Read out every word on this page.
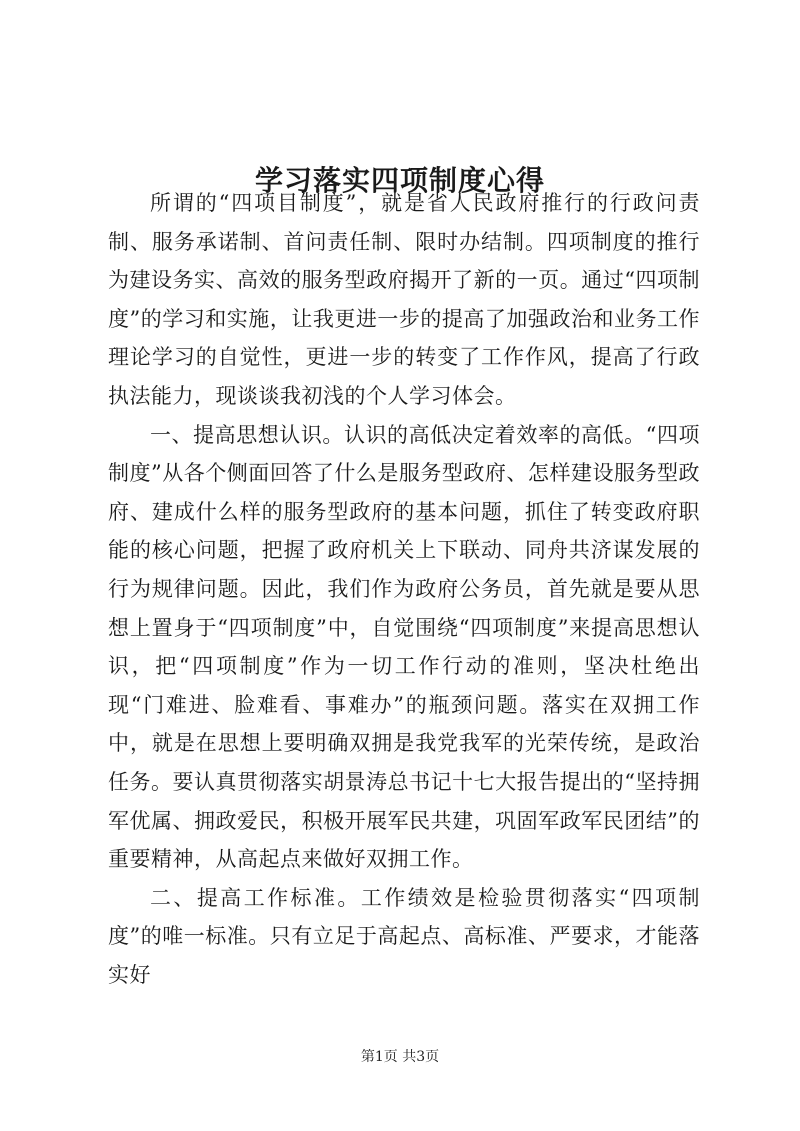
学习落实四项制度心得

所谓的“四项目制度”，就是省人民政府推行的行政问责制、服务承诺制、首问责任制、限时办结制。四项制度的推行为建设务实、高效的服务型政府揭开了新的一页。通过“四项制度”的学习和实施，让我更进一步的提高了加强政治和业务工作理论学习的自觉性，更进一步的转变了工作作风，提高了行政执法能力，现谈谈我初浅的个人学习体会。

一、提高思想认识。认识的高低决定着效率的高低。“四项制度”从各个侧面回答了什么是服务型政府、怎样建设服务型政府、建成什么样的服务型政府的基本问题，抓住了转变政府职能的核心问题，把握了政府机关上下联动、同舟共济谋发展的行为规律问题。因此，我们作为政府公务员，首先就是要从思想上置身于“四项制度”中，自觉围绕“四项制度”来提高思想认识，把“四项制度”作为一切工作行动的准则，坚决杜绝出现“门难进、脸难看、事难办”的瓶颈问题。落实在双拥工作中，就是在思想上要明确双拥是我党我军的光荣传统，是政治任务。要认真贯彻落实胡景涛总书记十七大报告提出的“坚持拥军优属、拥政爱民，积极开展军民共建，巩固军政军民团结”的重要精神，从高起点来做好双拥工作。

二、提高工作标准。工作绩效是检验贯彻落实“四项制度”的唯一标准。只有立足于高起点、高标准、严要求，才能落实好

第1页 共3页
